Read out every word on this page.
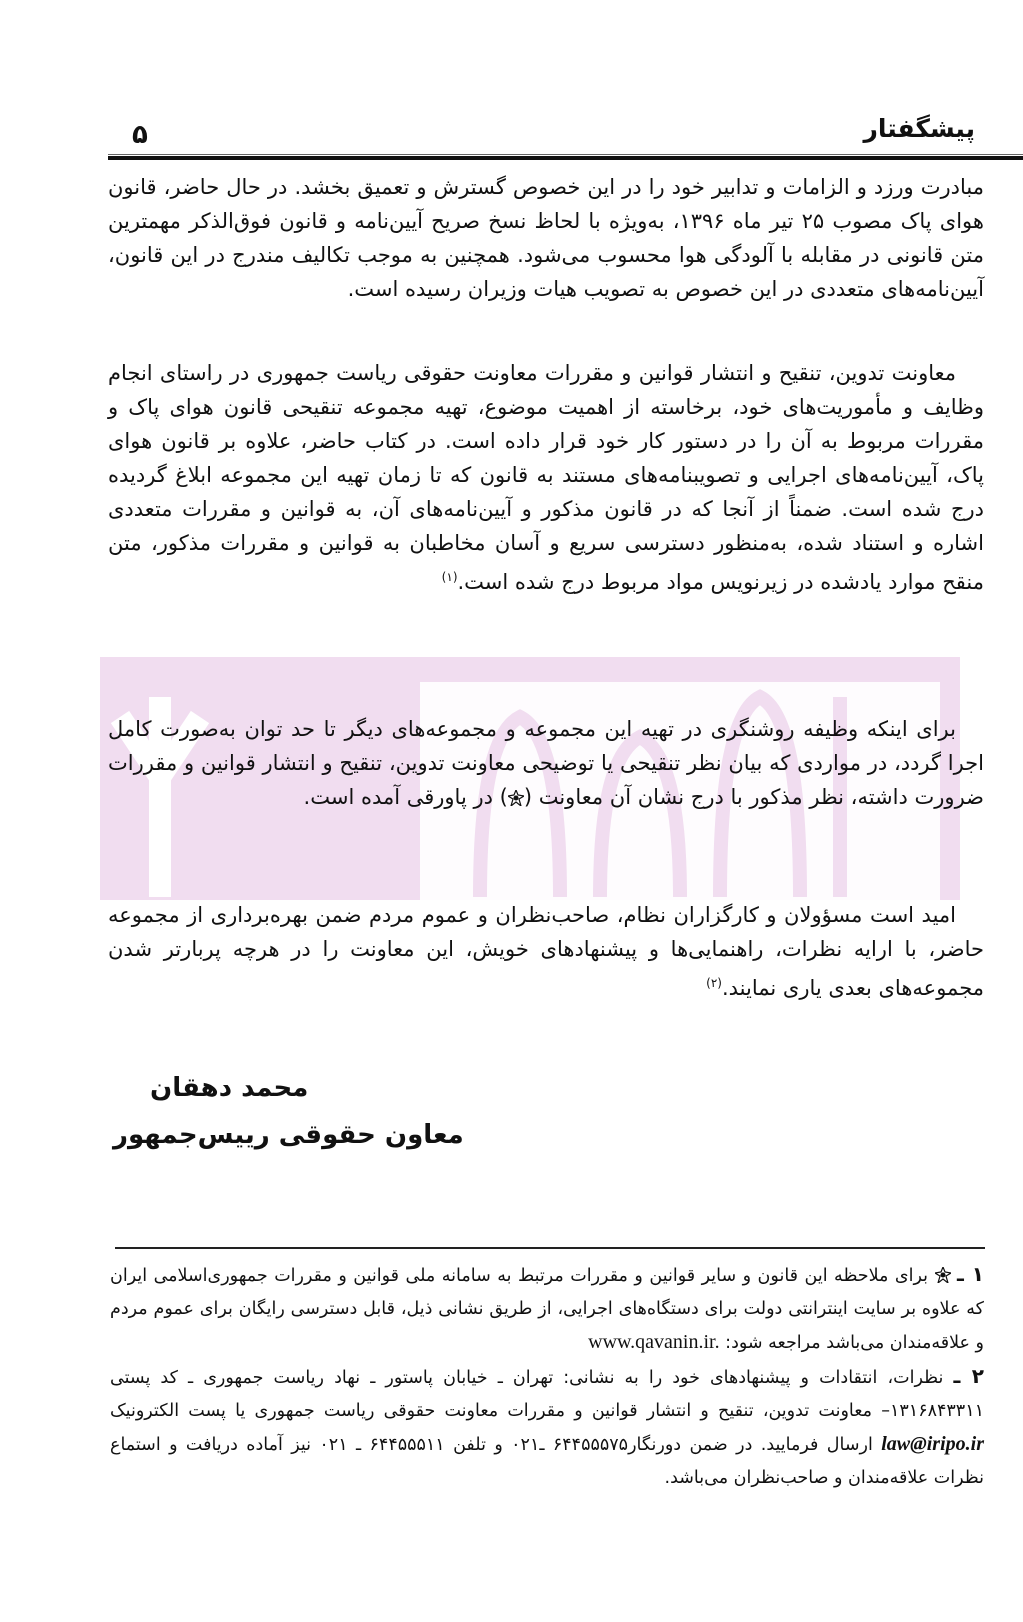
پیشگفتار
۵

مبادرت ورزد و الزامات و تدابیر خود را در این خصوص گسترش و تعمیق بخشد. در حال حاضر، قانون هوای پاک مصوب ۲۵ تیر ماه ۱۳۹۶، به‌ویژه با لحاظ نسخ صریح آیین‌نامه و قانون فوق‌الذکر مهمترین متن قانونی در مقابله با آلودگی هوا محسوب می‌شود. همچنین به موجب تکالیف مندرج در این قانون، آیین‌نامه‌های متعددی در این خصوص به تصویب هیات وزیران رسیده است.

معاونت تدوین، تنقیح و انتشار قوانین و مقررات معاونت حقوقی ریاست جمهوری در راستای انجام وظایف و مأموریت‌های خود، برخاسته از اهمیت موضوع، تهیه مجموعه تنقیحی قانون هوای پاک و مقررات مربوط به آن را در دستور کار خود قرار داده است. در کتاب حاضر، علاوه بر قانون هوای پاک، آیین‌نامه‌های اجرایی و تصویبنامه‌های مستند به قانون که تا زمان تهیه این مجموعه ابلاغ گردیده درج شده است. ضمناً از آنجا که در قانون مذکور و آیین‌نامه‌های آن، به قوانین و مقررات متعددی اشاره و استناد شده، به‌منظور دسترسی سریع و آسان مخاطبان به قوانین و مقررات مذکور، متن منقح موارد یادشده در زیرنویس مواد مربوط درج شده است.$^{(۱)}$

برای اینکه وظیفه روشنگری در تهیه این مجموعه و مجموعه‌های دیگر تا حد توان به‌صورت کامل اجرا گردد، در مواردی که بیان نظر تنقیحی یا توضیحی معاونت تدوین، تنقیح و انتشار قوانین و مقررات ضرورت داشته، نظر مذکور با درج نشان آن معاونت () در پاورقی آمده است.

امید است مسؤولان و کارگزاران نظام، صاحب‌نظران و عموم مردم ضمن بهره‌برداری از مجموعه حاضر، با ارایه نظرات، راهنمایی‌ها و پیشنهادهای خویش، این معاونت را در هرچه پربارتر شدن مجموعه‌های بعدی یاری نمایند.$^{(۲)}$

محمد دهقان
معاون حقوقی رییس‌جمهور

۱ ـ  برای ملاحظه این قانون و سایر قوانین و مقررات مرتبط به سامانه ملی قوانین و مقررات جمهوری‌اسلامی ایران که علاوه بر سایت اینترانتی دولت برای دستگاه‌های اجرایی، از طریق نشانی ذیل، قابل دسترسی رایگان برای عموم مردم و علاقه‌مندان می‌باشد مراجعه شود: www.qavanin.ir.

۲ ـ نظرات، انتقادات و پیشنهادهای خود را به نشانی: تهران ـ خیابان پاستور ـ نهاد ریاست جمهوری ـ کد پستی ۱۳۱۶۸۴۳۳۱۱– معاونت تدوین، تنقیح و انتشار قوانین و مقررات معاونت حقوقی ریاست جمهوری یا پست الکترونیک law@iripo.ir ارسال فرمایید. در ضمن دورنگار۶۴۴۵۵۵۷۵ ـ۰۲۱ و تلفن ۶۴۴۵۵۵۱۱ ـ ۰۲۱ نیز آماده دریافت و استماع نظرات علاقه‌مندان و صاحب‌نظران می‌باشد.
